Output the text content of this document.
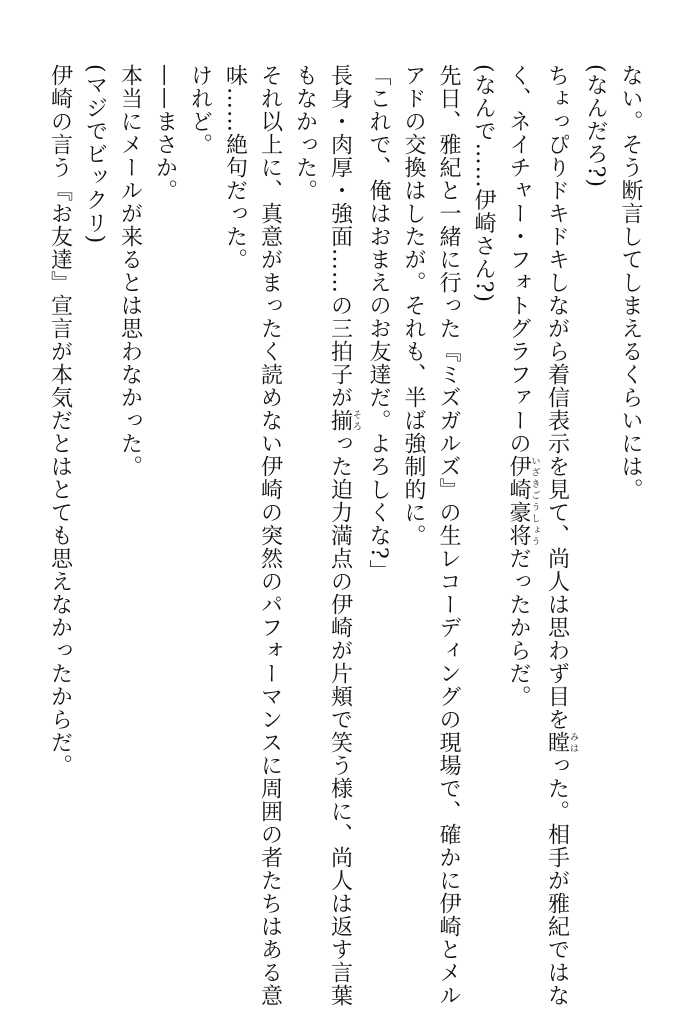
ない。そう断言してしまえるくらいには。

(なんだろ?)

ちょっぴりドキドキしながら着信表示を見て、尚人は思わず目を瞠みはった。相手が雅紀ではな

く、ネイチャー・フォトグラファーの伊崎豪将いざきごうしょうだったからだ。

(なんで……伊崎さん?)

先日、雅紀と一緒に行った『ミズガルズ』の生レコーディングの現場で、確かに伊崎とメル

アドの交換はしたが。それも、半ば強制的に。

「これで、俺はおまえのお友達だ。よろしくな?」

長身・肉厚・強面……の三拍子が揃そろった迫力満点の伊崎が片頬で笑う様に、尚人は返す言葉

もなかった。

それ以上に、真意がまったく読めない伊崎の突然のパフォーマンスに周囲の者たちはある意

味……絶句だった。

けれど。

——まさか。

本当にメールが来るとは思わなかった。

(マジでビックリ)

伊崎の言う『お友達』宣言が本気だとはとても思えなかったからだ。
